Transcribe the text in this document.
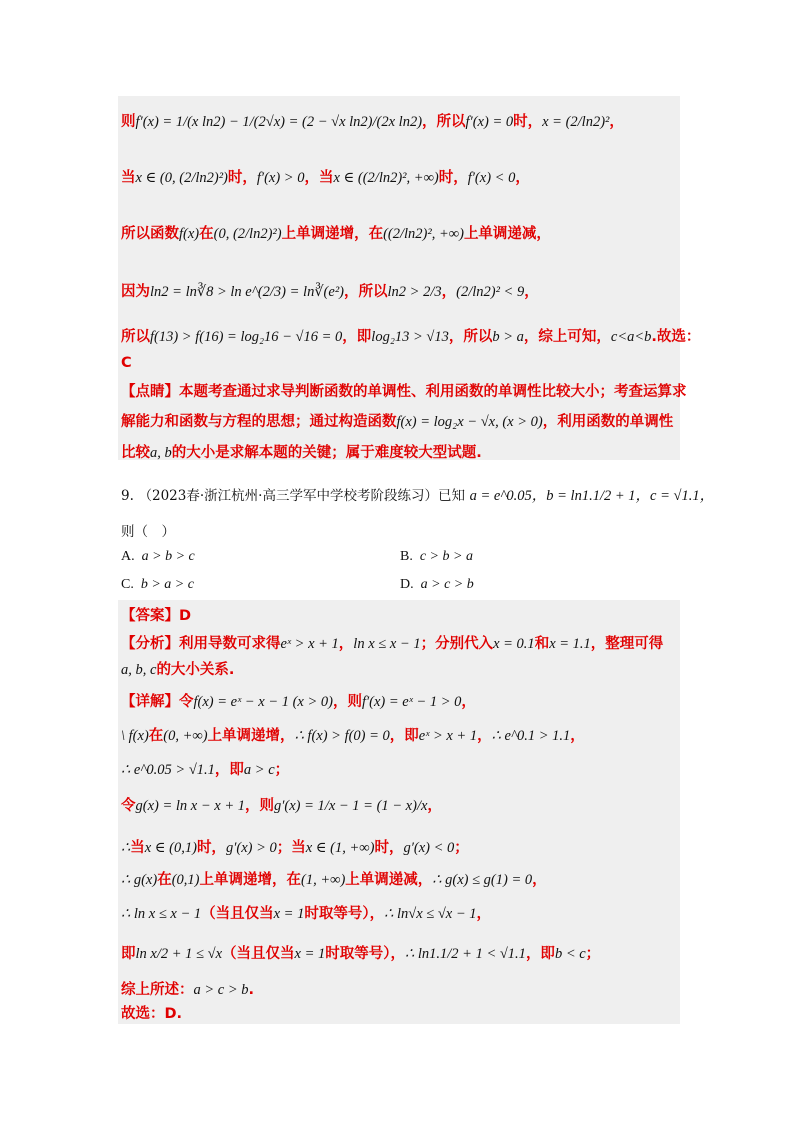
则f′(x) = 1/(x ln2) − 1/(2√x) = (2 − √x ln2)/(2x ln2)，所以f′(x) = 0时，x = (2/ln2)²，
当x ∈ (0, (2/ln2)²)时，f′(x) > 0，当x ∈ ((2/ln2)², +∞)时，f′(x) < 0，
所以函数f(x)在(0, (2/ln2)²)上单调递增，在((2/ln2)², +∞)上单调递减，
因为ln2 = ln∛8 > ln e^(2/3) = ln∛(e²)，所以ln2 > 2/3，(2/ln2)² < 9，
所以f(13) > f(16) = log₂16 − √16 = 0，即log₂13 > √13，所以b > a，综上可知，c<a<b.故选：
C
【点睛】本题考查通过求导判断函数的单调性、利用函数的单调性比较大小；考查运算求
解能力和函数与方程的思想；通过构造函数f(x) = log₂x − √x, (x > 0)，利用函数的单调性
比较a, b的大小是求解本题的关键；属于难度较大型试题.
9. （2023春·浙江杭州·高三学军中学校考阶段练习）已知 a = e^0.05，b = ln1.1/2 + 1，c = √1.1，
则（　）
A.  a > b > c	B.  c > b > a
C.  b > a > c	D.  a > c > b
【答案】D
【分析】利用导数可求得eˣ > x + 1，ln x ≤ x − 1；分别代入x = 0.1和x = 1.1，整理可得
a, b, c的大小关系.
【详解】令f(x) = eˣ − x − 1 (x > 0)，则f′(x) = eˣ − 1 > 0，
\ f(x)在(0, +∞)上单调递增，∴ f(x) > f(0) = 0，即eˣ > x + 1，∴ e^0.1 > 1.1，
∴ e^0.05 > √1.1，即a > c；
令g(x) = ln x − x + 1，则g′(x) = 1/x − 1 = (1 − x)/x，
∴当x ∈ (0,1)时，g′(x) > 0；当x ∈ (1, +∞)时，g′(x) < 0；
∴ g(x)在(0,1)上单调递增，在(1, +∞)上单调递减，∴ g(x) ≤ g(1) = 0，
∴ ln x ≤ x − 1（当且仅当x = 1时取等号），∴ ln√x ≤ √x − 1，
即ln x/2 + 1 ≤ √x（当且仅当x = 1时取等号），∴ ln1.1/2 + 1 < √1.1，即b < c；
综上所述：a > c > b.
故选：D.
